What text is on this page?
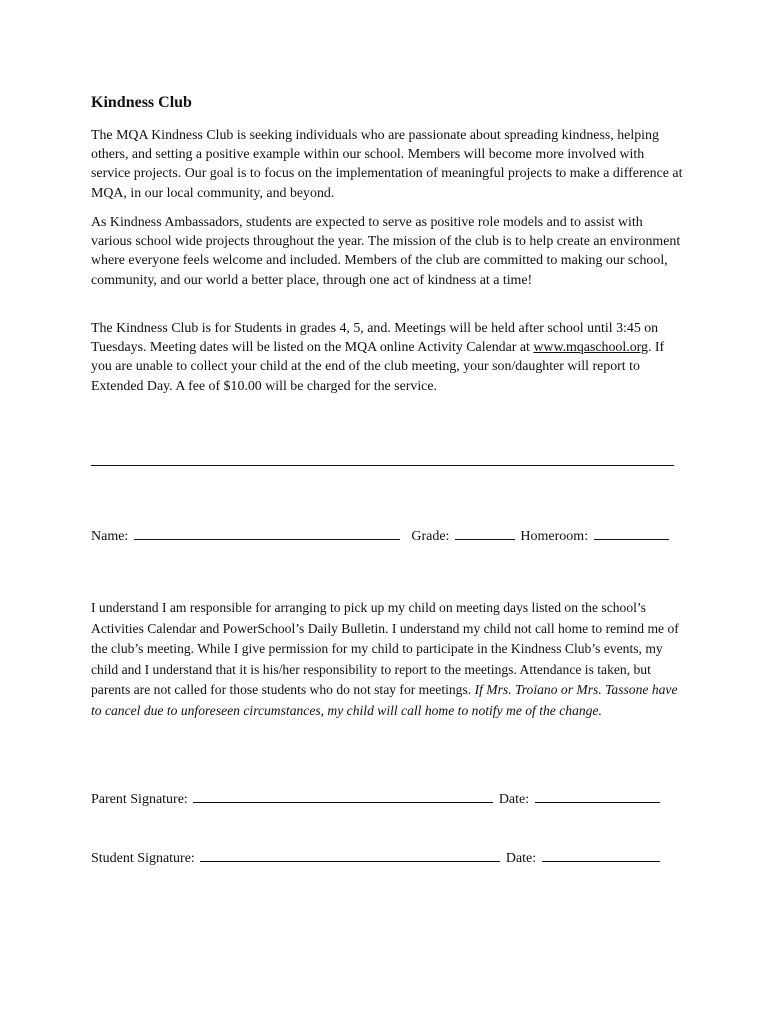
Kindness Club

The MQA Kindness Club is seeking individuals who are passionate about spreading kindness, helping others, and setting a positive example within our school. Members will become more involved with service projects. Our goal is to focus on the implementation of meaningful projects to make a difference at MQA, in our local community, and beyond.

As Kindness Ambassadors, students are expected to serve as positive role models and to assist with various school wide projects throughout the year. The mission of the club is to help create an environment where everyone feels welcome and included. Members of the club are committed to making our school, community, and our world a better place, through one act of kindness at a time!

The Kindness Club is for Students in grades 4, 5, and. Meetings will be held after school until 3:45 on Tuesdays. Meeting dates will be listed on the MQA online Activity Calendar at www.mqaschool.org. If you are unable to collect your child at the end of the club meeting, your son/daughter will report to Extended Day. A fee of $10.00 will be charged for the service.

Name:	Grade:	Homeroom:

I understand I am responsible for arranging to pick up my child on meeting days listed on the school’s Activities Calendar and PowerSchool’s Daily Bulletin. I understand my child not call home to remind me of the club’s meeting. While I give permission for my child to participate in the Kindness Club’s events, my child and I understand that it is his/her responsibility to report to the meetings. Attendance is taken, but parents are not called for those students who do not stay for meetings. If Mrs. Troiano or Mrs. Tassone have to cancel due to unforeseen circumstances, my child will call home to notify me of the change.

Parent Signature:	Date:
Student Signature:	Date:
